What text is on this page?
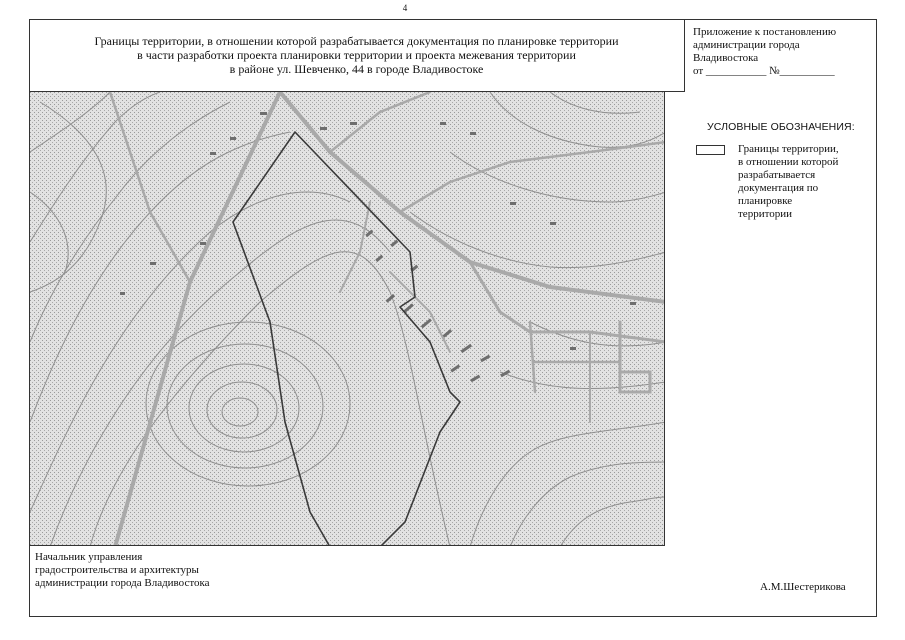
4
Границы территории, в отношении которой разрабатывается документация по планировке территории
в части разработки проекта планировки территории и проекта межевания территории
в районе ул. Шевченко, 44 в городе Владивостоке
Приложение к постановлению
администрации города
Владивостока
от ___________ №__________
УСЛОВНЫЕ ОБОЗНАЧЕНИЯ:
Границы территории,
в отношении которой
разрабатывается
документация по
планировке
территории
Начальник управления
градостроительства и архитектуры
администрации города Владивостока	А.М.Шестерикова
